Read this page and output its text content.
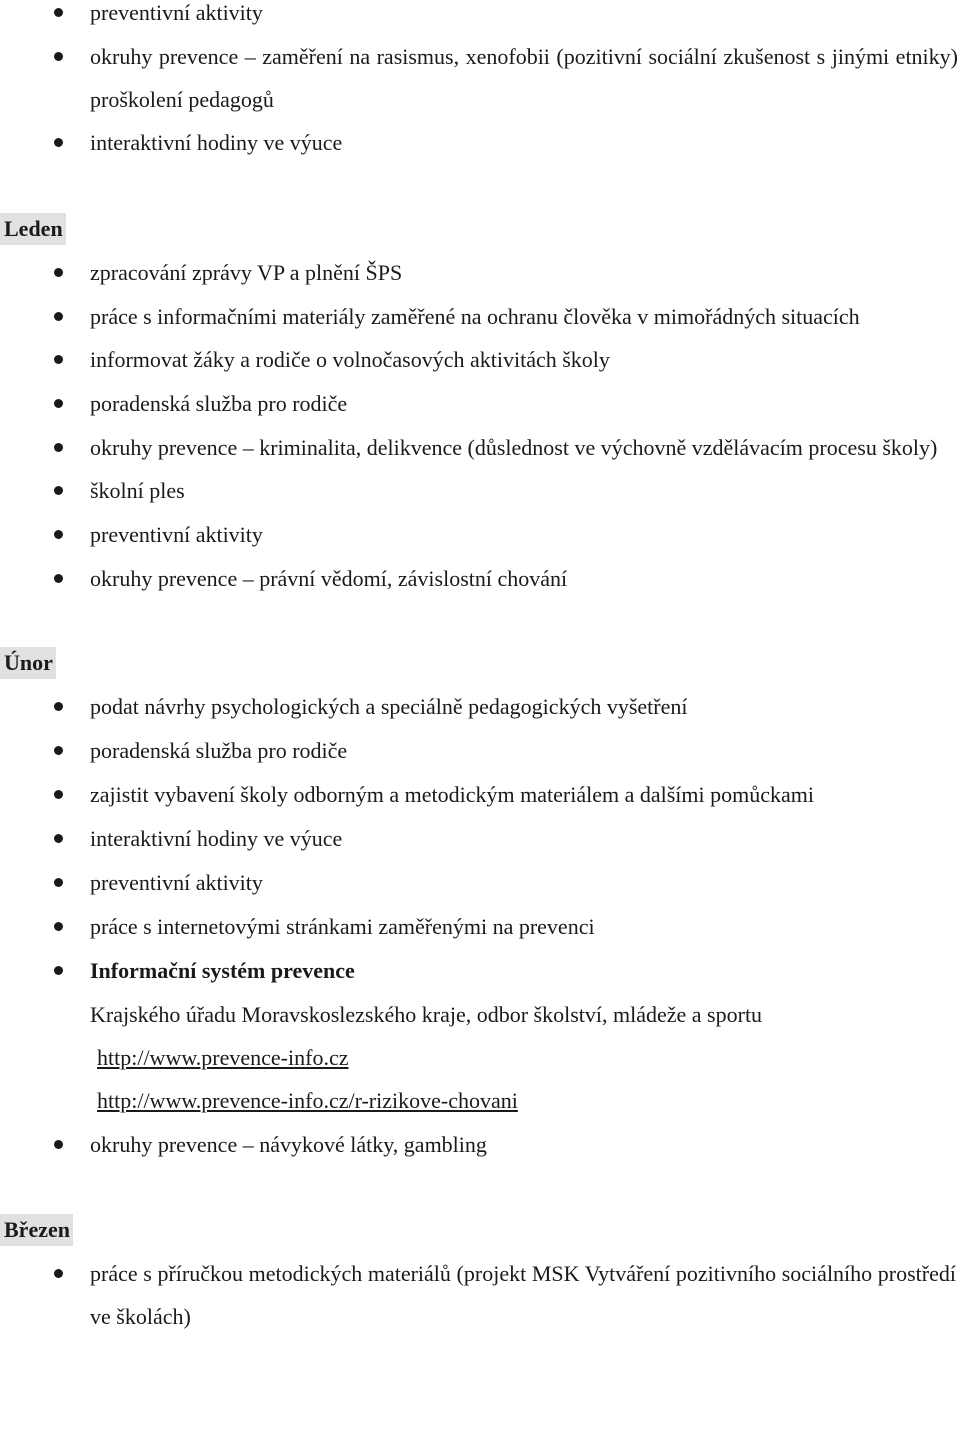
preventivní aktivity
okruhy prevence – zaměření na rasismus, xenofobii (pozitivní sociální zkušenost s jinými etniky) proškolení pedagogů
interaktivní hodiny ve výuce
Leden
zpracování zprávy VP a plnění ŠPS
práce s informačními materiály zaměřené na ochranu člověka v mimořádných situacích
informovat žáky a rodiče o volnočasových aktivitách školy
poradenská služba pro rodiče
okruhy prevence – kriminalita, delikvence (důslednost ve výchovně vzdělávacím procesu školy)
školní ples
preventivní aktivity
okruhy prevence – právní vědomí, závislostní chování
Únor
podat návrhy psychologických a speciálně pedagogických vyšetření
poradenská služba pro rodiče
zajistit vybavení školy odborným a metodickým materiálem a dalšími pomůckami
interaktivní hodiny ve výuce
preventivní aktivity
práce s internetovými stránkami zaměřenými na prevenci
Informační systém prevence
Krajského úřadu Moravskoslezského kraje, odbor školství, mládeže a sportu
http://www.prevence-info.cz
http://www.prevence-info.cz/r-rizikove-chovani
okruhy prevence – návykové látky, gambling
Březen
práce s příručkou metodických materiálů (projekt MSK Vytváření pozitivního sociálního prostředí ve školách)
